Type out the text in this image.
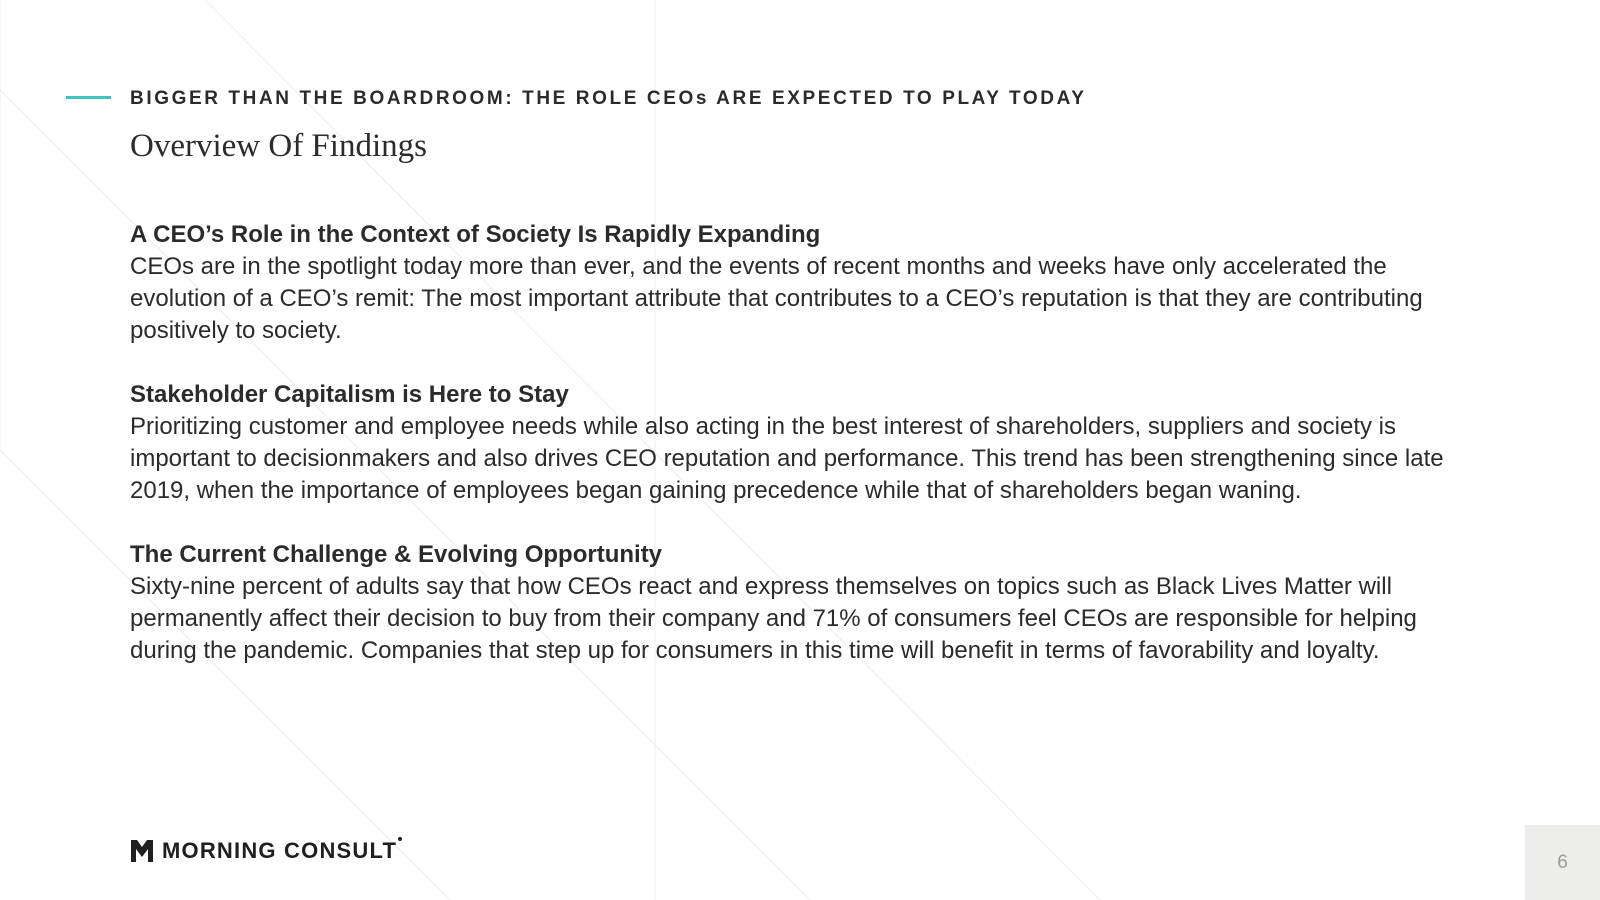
BIGGER THAN THE BOARDROOM: THE ROLE CEOs ARE EXPECTED TO PLAY TODAY
Overview Of Findings

A CEO’s Role in the Context of Society Is Rapidly Expanding

CEOs are in the spotlight today more than ever, and the events of recent months and weeks have only accelerated the evolution of a CEO’s remit: The most important attribute that contributes to a CEO’s reputation is that they are contributing positively to society.

Stakeholder Capitalism is Here to Stay

Prioritizing customer and employee needs while also acting in the best interest of shareholders, suppliers and society is important to decisionmakers and also drives CEO reputation and performance. This trend has been strengthening since late 2019, when the importance of employees began gaining precedence while that of shareholders began waning.

The Current Challenge & Evolving Opportunity

Sixty-nine percent of adults say that how CEOs react and express themselves on topics such as Black Lives Matter will permanently affect their decision to buy from their company and 71% of consumers feel CEOs are responsible for helping during the pandemic. Companies that step up for consumers in this time will benefit in terms of favorability and loyalty.

MORNING CONSULT	6
